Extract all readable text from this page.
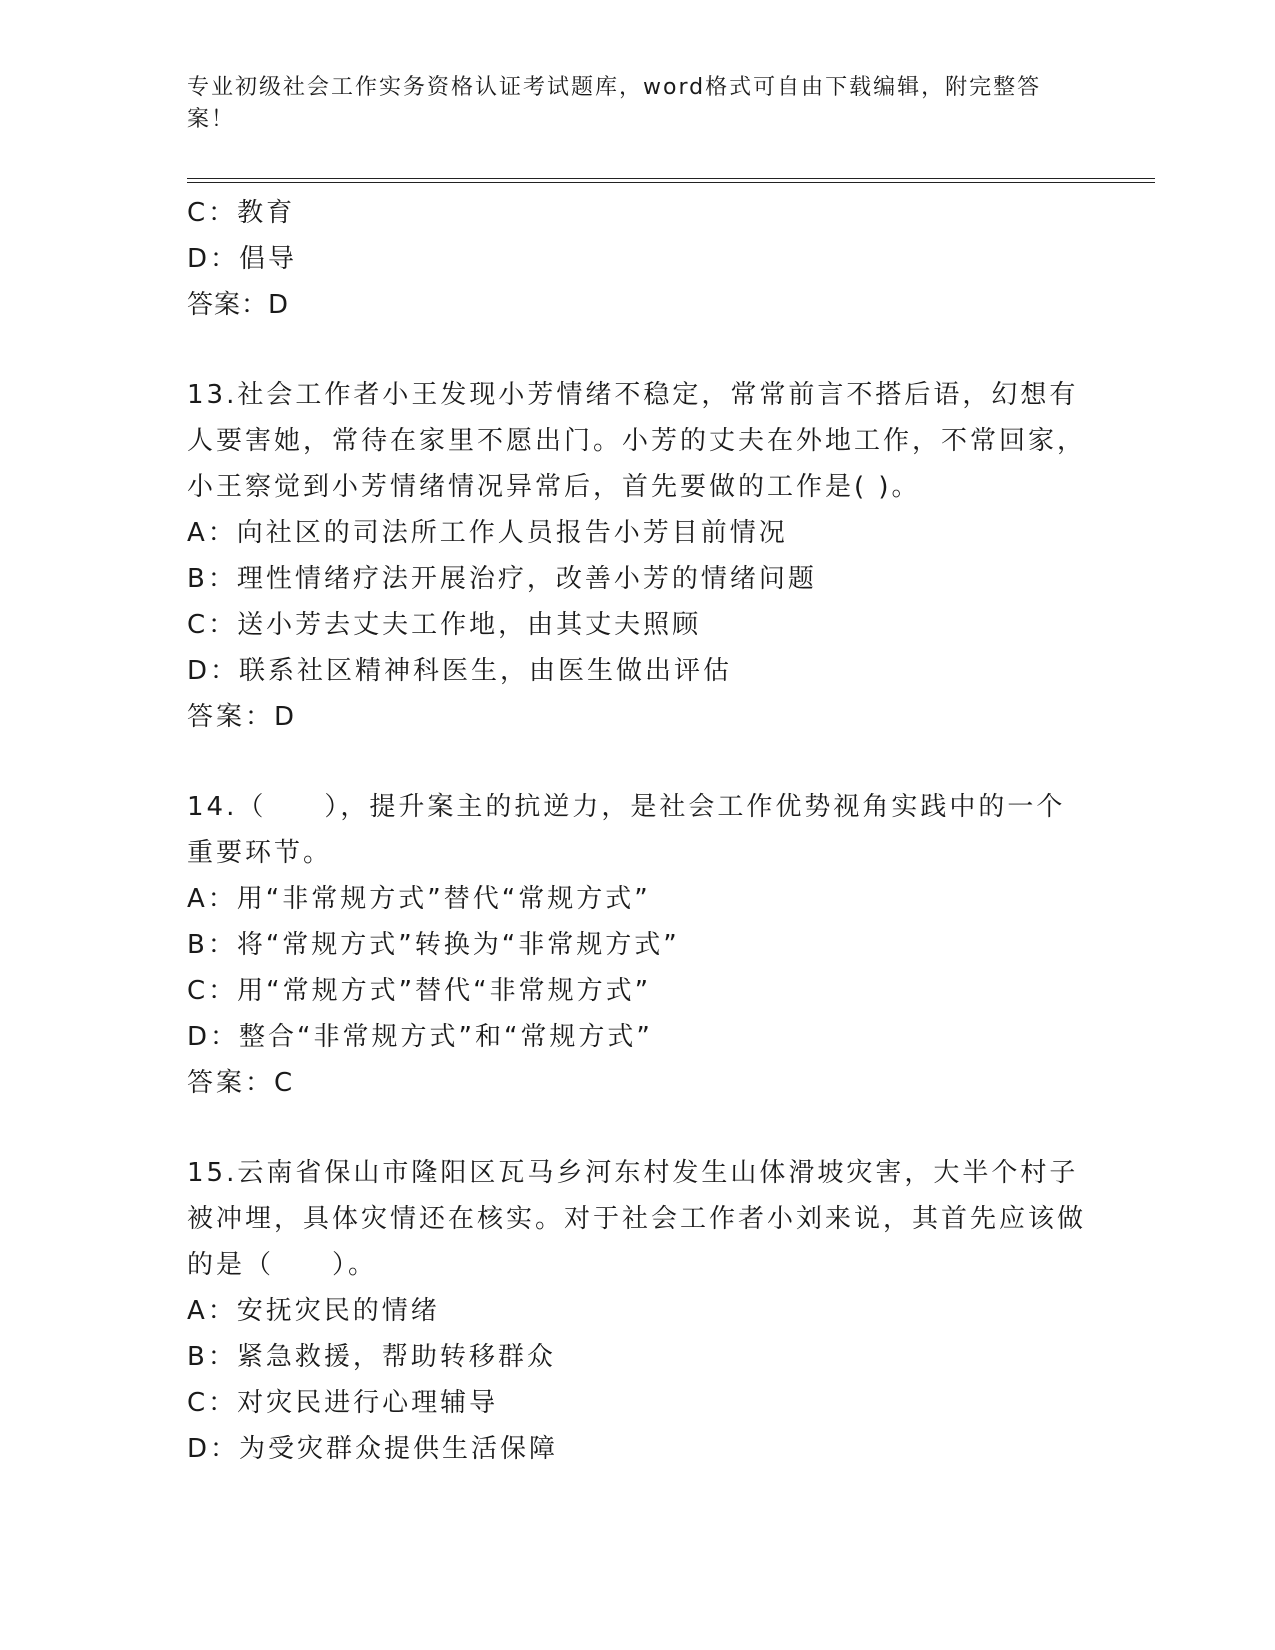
专业初级社会工作实务资格认证考试题库，word格式可自由下载编辑，附完整答案！

C：教育

D：倡导

答案：D

13.社会工作者小王发现小芳情绪不稳定，常常前言不搭后语，幻想有人要害她，常待在家里不愿出门。小芳的丈夫在外地工作，不常回家，小王察觉到小芳情绪情况异常后，首先要做的工作是( )。

A：向社区的司法所工作人员报告小芳目前情况

B：理性情绪疗法开展治疗，改善小芳的情绪问题

C：送小芳去丈夫工作地，由其丈夫照顾

D：联系社区精神科医生，由医生做出评估

答案：D

14.（　　），提升案主的抗逆力，是社会工作优势视角实践中的一个重要环节。

A：用“非常规方式”替代“常规方式”

B：将“常规方式”转换为“非常规方式”

C：用“常规方式”替代“非常规方式”

D：整合“非常规方式”和“常规方式”

答案：C

15.云南省保山市隆阳区瓦马乡河东村发生山体滑坡灾害，大半个村子被冲埋，具体灾情还在核实。对于社会工作者小刘来说，其首先应该做的是（　　）。

A：安抚灾民的情绪

B：紧急救援，帮助转移群众

C：对灾民进行心理辅导

D：为受灾群众提供生活保障
